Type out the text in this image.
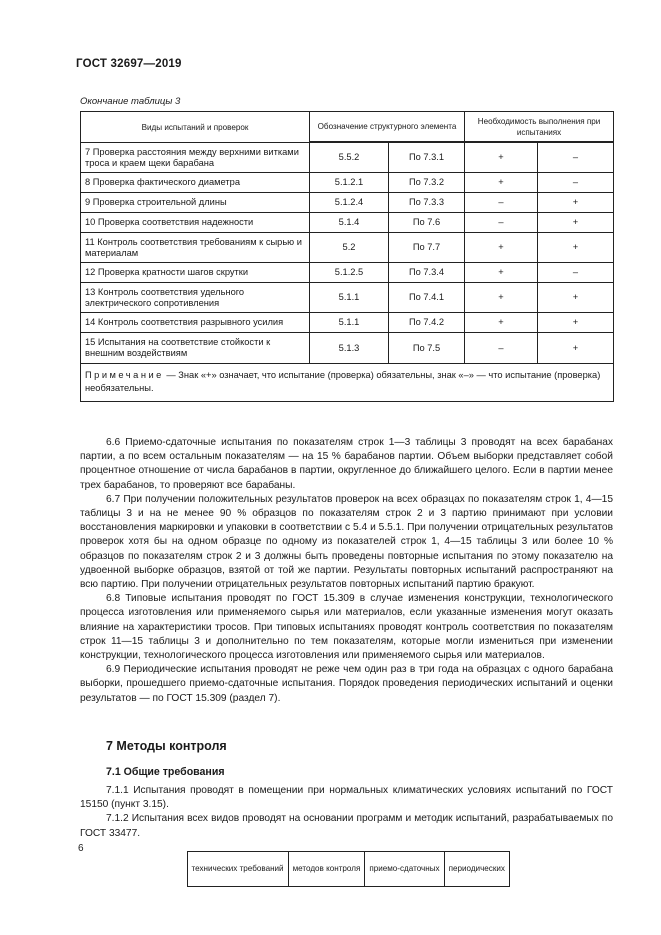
ГОСТ 32697—2019
Окончание таблицы 3
Виды испытаний и проверок	Обозначение структурного элемента	Необходимость выполнения при испытаниях

технических требований	методов контроля	приемо-сдаточных	периодических
7 Проверка расстояния между верхними витками троса и краем щеки барабана	5.5.2	По 7.3.1	+	–
8 Проверка фактического диаметра	5.1.2.1	По 7.3.2	+	–
9 Проверка строительной длины	5.1.2.4	По 7.3.3	–	+
10 Проверка соответствия надежности	5.1.4	По 7.6	–	+
11 Контроль соответствия требованиям к сырью и материалам	5.2	По 7.7	+	+
12 Проверка кратности шагов скрутки	5.1.2.5	По 7.3.4	+	–
13 Контроль соответствия удельного электрического сопротивления	5.1.1	По 7.4.1	+	+
14 Контроль соответствия разрывного усилия	5.1.1	По 7.4.2	+	+
15 Испытания на соответствие стойкости к внешним воздействиям	5.1.3	По 7.5	–	+
Примечание — Знак «+» означает, что испытание (проверка) обязательны, знак «–» — что испытание (проверка) необязательны.

6.6 Приемо-сдаточные испытания по показателям строк 1—3 таблицы 3 проводят на всех барабанах партии, а по всем остальным показателям — на 15 % барабанов партии. Объем выборки представляет собой процентное отношение от числа барабанов в партии, округленное до ближайшего целого. Если в партии менее трех барабанов, то проверяют все барабаны.

6.7 При получении положительных результатов проверок на всех образцах по показателям строк 1, 4—15 таблицы 3 и на не менее 90 % образцов по показателям строк 2 и 3 партию принимают при условии восстановления маркировки и упаковки в соответствии с 5.4 и 5.5.1. При получении отрицательных результатов проверок хотя бы на одном образце по одному из показателей строк 1, 4—15 таблицы 3 или более 10 % образцов по показателям строк 2 и 3 должны быть проведены повторные испытания по этому показателю на удвоенной выборке образцов, взятой от той же партии. Результаты повторных испытаний распространяют на всю партию. При получении отрицательных результатов повторных испытаний партию бракуют.

6.8 Типовые испытания проводят по ГОСТ 15.309 в случае изменения конструкции, технологического процесса изготовления или применяемого сырья или материалов, если указанные изменения могут оказать влияние на характеристики тросов. При типовых испытаниях проводят контроль соответствия по показателям строк 11—15 таблицы 3 и дополнительно по тем показателям, которые могли измениться при изменении конструкции, технологического процесса изготовления или применяемого сырья или материалов.

6.9 Периодические испытания проводят не реже чем один раз в три года на образцах с одного барабана выборки, прошедшего приемо-сдаточные испытания. Порядок проведения периодических испытаний и оценки результатов — по ГОСТ 15.309 (раздел 7).

7 Методы контроля
7.1 Общие требования

7.1.1 Испытания проводят в помещении при нормальных климатических условиях испытаний по ГОСТ 15150 (пункт 3.15).

7.1.2 Испытания всех видов проводят на основании программ и методик испытаний, разрабатываемых по ГОСТ 33477.

6
